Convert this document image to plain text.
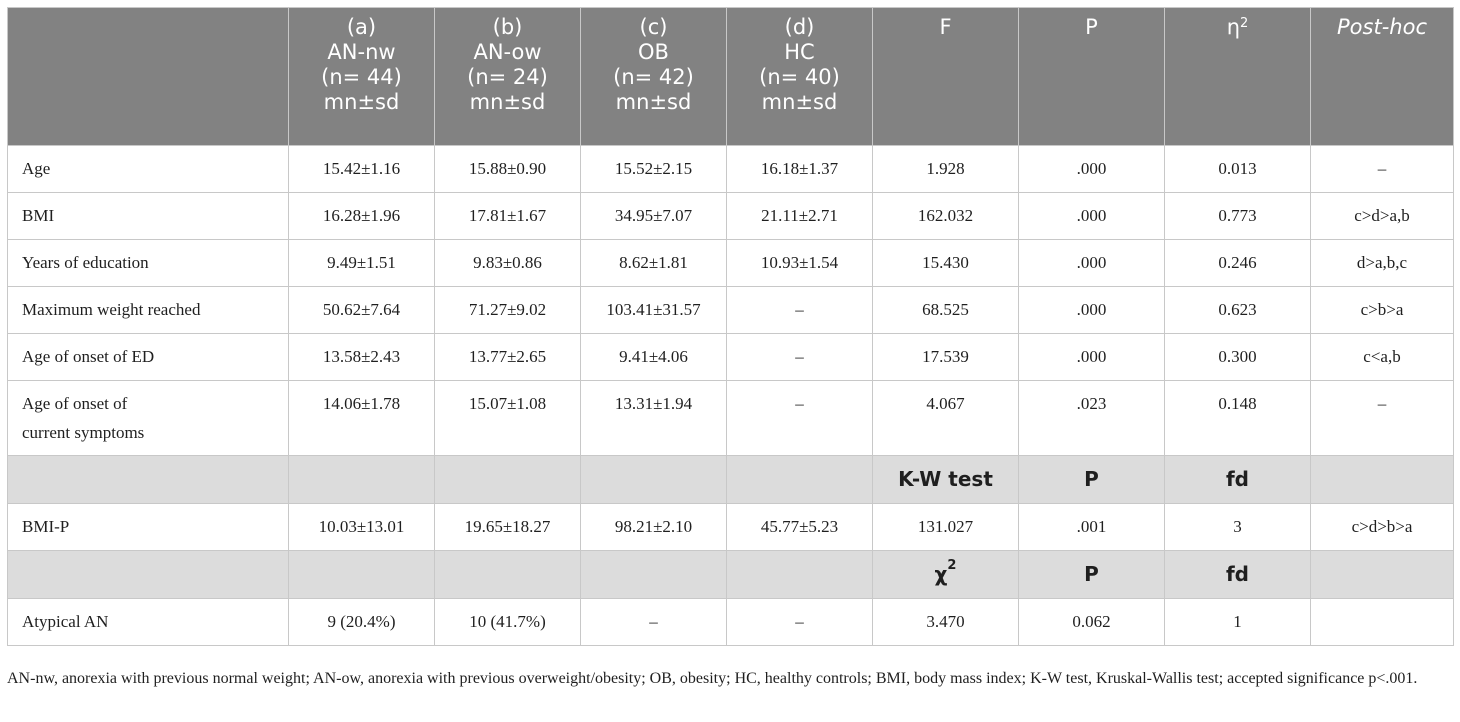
	(a)
AN-nw
(n= 44)
mn±sd	(b)
AN-ow
(n= 24)
mn±sd	(c)
OB
(n= 42)
mn±sd	(d)
HC
(n= 40)
mn±sd	F	P	$\eta^2$	Post-hoc
Age	15.42±1.16	15.88±0.90	15.52±2.15	16.18±1.37	1.928	.000	0.013	–
BMI	16.28±1.96	17.81±1.67	34.95±7.07	21.11±2.71	162.032	.000	0.773	c>d>a,b
Years of education	9.49±1.51	9.83±0.86	8.62±1.81	10.93±1.54	15.430	.000	0.246	d>a,b,c
Maximum weight reached	50.62±7.64	71.27±9.02	103.41±31.57	–	68.525	.000	0.623	c>b>a
Age of onset of ED	13.58±2.43	13.77±2.65	9.41±4.06	–	17.539	.000	0.300	c<a,b

Age of onset of
current symptoms	14.06±1.78	15.07±1.08	13.31±1.94	–	4.067	.023	0.148	–
					K-W test	P	fd	
BMI-P	10.03±13.01	19.65±18.27	98.21±2.10	45.77±5.23	131.027	.001	3	c>d>b>a
					$\chi^2$	P	fd	
Atypical AN	9 (20.4%)	10 (41.7%)	–	–	3.470	0.062	1	
AN-nw, anorexia with previous normal weight; AN-ow, anorexia with previous overweight/obesity; OB, obesity; HC, healthy controls; BMI, body mass index; K-W test, Kruskal-Wallis test; accepted significance p<.001.
